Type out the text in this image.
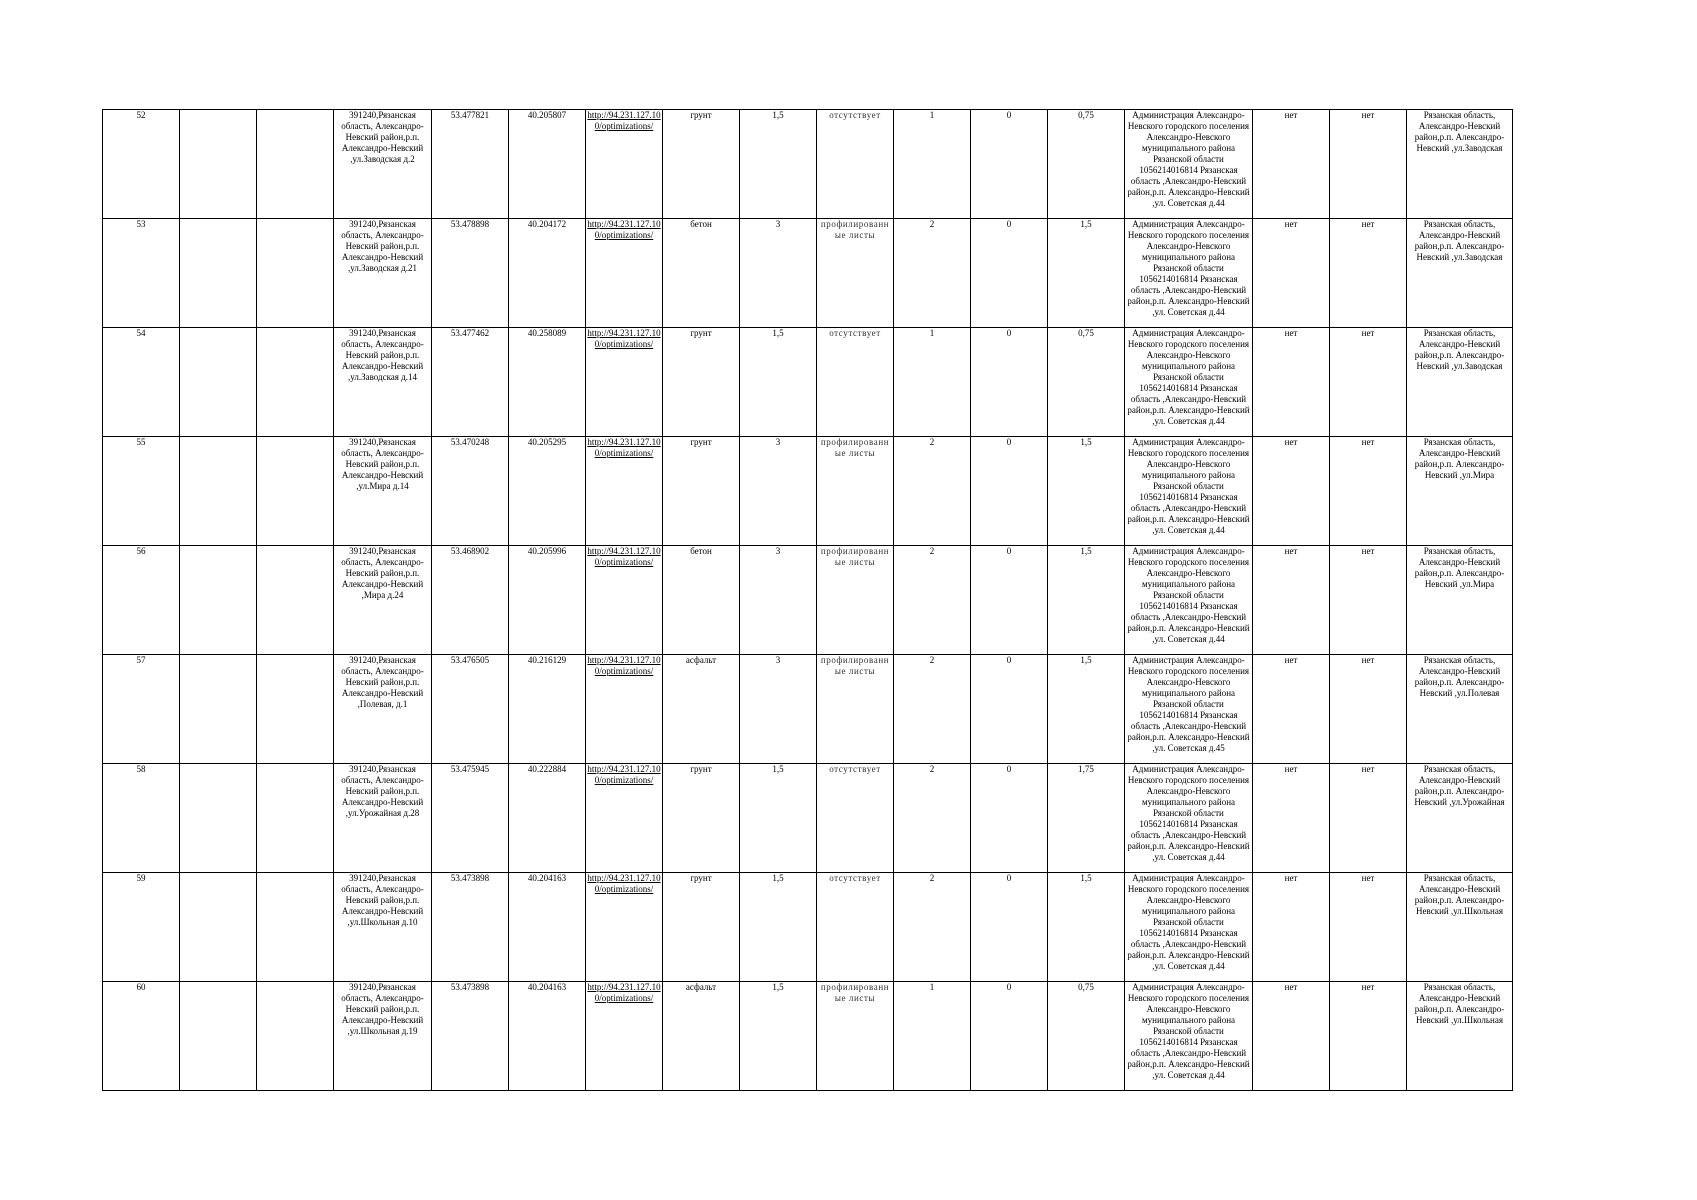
52			391240,Рязанская область, Александро-Невский район,р.п. Александро-Невский ,ул.Заводская д.2	53.477821	40.205807	http://94.231.127.10 0/optimizations/	грунт	1,5	отсутствует	1	0	0,75	Администрация Александро-Невского городского поселения Александро-Невского муниципального района Рязанской области 1056214016814 Рязанская область ,Александро-Невский район,р.п. Александро-Невский ,ул. Советская д.44	нет	нет	Рязанская область, Александро-Невский район,р.п. Александро-Невский ,ул.Заводская
53			391240,Рязанская область, Александро-Невский район,р.п. Александро-Невский ,ул.Заводская д.21	53.478898	40.204172	http://94.231.127.10 0/optimizations/	бетон	3	профилированные листы	2	0	1,5	Администрация Александро-Невского городского поселения Александро-Невского муниципального района Рязанской области 1056214016814 Рязанская область ,Александро-Невский район,р.п. Александро-Невский ,ул. Советская д.44	нет	нет	Рязанская область, Александро-Невский район,р.п. Александро-Невский ,ул.Заводская
54			391240,Рязанская область, Александро-Невский район,р.п. Александро-Невский ,ул.Заводская д.14	53.477462	40.258089	http://94.231.127.10 0/optimizations/	грунт	1,5	отсутствует	1	0	0,75	Администрация Александро-Невского городского поселения Александро-Невского муниципального района Рязанской области 1056214016814 Рязанская область ,Александро-Невский район,р.п. Александро-Невский ,ул. Советская д.44	нет	нет	Рязанская область, Александро-Невский район,р.п. Александро-Невский ,ул.Заводская
55			391240,Рязанская область, Александро-Невский район,р.п. Александро-Невский ,ул.Мира д.14	53.470248	40.205295	http://94.231.127.10 0/optimizations/	грунт	3	профилированные листы	2	0	1,5	Администрация Александро-Невского городского поселения Александро-Невского муниципального района Рязанской области 1056214016814 Рязанская область ,Александро-Невский район,р.п. Александро-Невский ,ул. Советская д.44	нет	нет	Рязанская область, Александро-Невский район,р.п. Александро-Невский ,ул.Мира
56			391240,Рязанская область, Александро-Невский район,р.п. Александро-Невский ,Мира д.24	53.468902	40.205996	http://94.231.127.10 0/optimizations/	бетон	3	профилированные листы	2	0	1,5	Администрация Александро-Невского городского поселения Александро-Невского муниципального района Рязанской области 1056214016814 Рязанская область ,Александро-Невский район,р.п. Александро-Невский ,ул. Советская д.44	нет	нет	Рязанская область, Александро-Невский район,р.п. Александро-Невский ,ул.Мира
57			391240,Рязанская область, Александро-Невский район,р.п. Александро-Невский ,Полевая, д.1	53.476505	40.216129	http://94.231.127.10 0/optimizations/	асфальт	3	профилированные листы	2	0	1,5	Администрация Александро-Невского городского поселения Александро-Невского муниципального района Рязанской области 1056214016814 Рязанская область ,Александро-Невский район,р.п. Александро-Невский ,ул. Советская д.45	нет	нет	Рязанская область, Александро-Невский район,р.п. Александро-Невский ,ул.Полевая
58			391240,Рязанская область, Александро-Невский район,р.п. Александро-Невский ,ул.Урожайная д.28	53.475945	40.222884	http://94.231.127.10 0/optimizations/	грунт	1,5	отсутствует	2	0	1,75	Администрация Александро-Невского городского поселения Александро-Невского муниципального района Рязанской области 1056214016814 Рязанская область ,Александро-Невский район,р.п. Александро-Невский ,ул. Советская д.44	нет	нет	Рязанская область, Александро-Невский район,р.п. Александро-Невский ,ул.Урожайная
59			391240,Рязанская область, Александро-Невский район,р.п. Александро-Невский ,ул.Школьная д.10	53.473898	40.204163	http://94.231.127.10 0/optimizations/	грунт	1,5	отсутствует	2	0	1,5	Администрация Александро-Невского городского поселения Александро-Невского муниципального района Рязанской области 1056214016814 Рязанская область ,Александро-Невский район,р.п. Александро-Невский ,ул. Советская д.44	нет	нет	Рязанская область, Александро-Невский район,р.п. Александро-Невский ,ул.Школьная
60			391240,Рязанская область, Александро-Невский район,р.п. Александро-Невский ,ул.Школьная д.19	53.473898	40.204163	http://94.231.127.10 0/optimizations/	асфальт	1,5	профилированные листы	1	0	0,75	Администрация Александро-Невского городского поселения Александро-Невского муниципального района Рязанской области 1056214016814 Рязанская область ,Александро-Невский район,р.п. Александро-Невский ,ул. Советская д.44	нет	нет	Рязанская область, Александро-Невский район,р.п. Александро-Невский ,ул.Школьная
